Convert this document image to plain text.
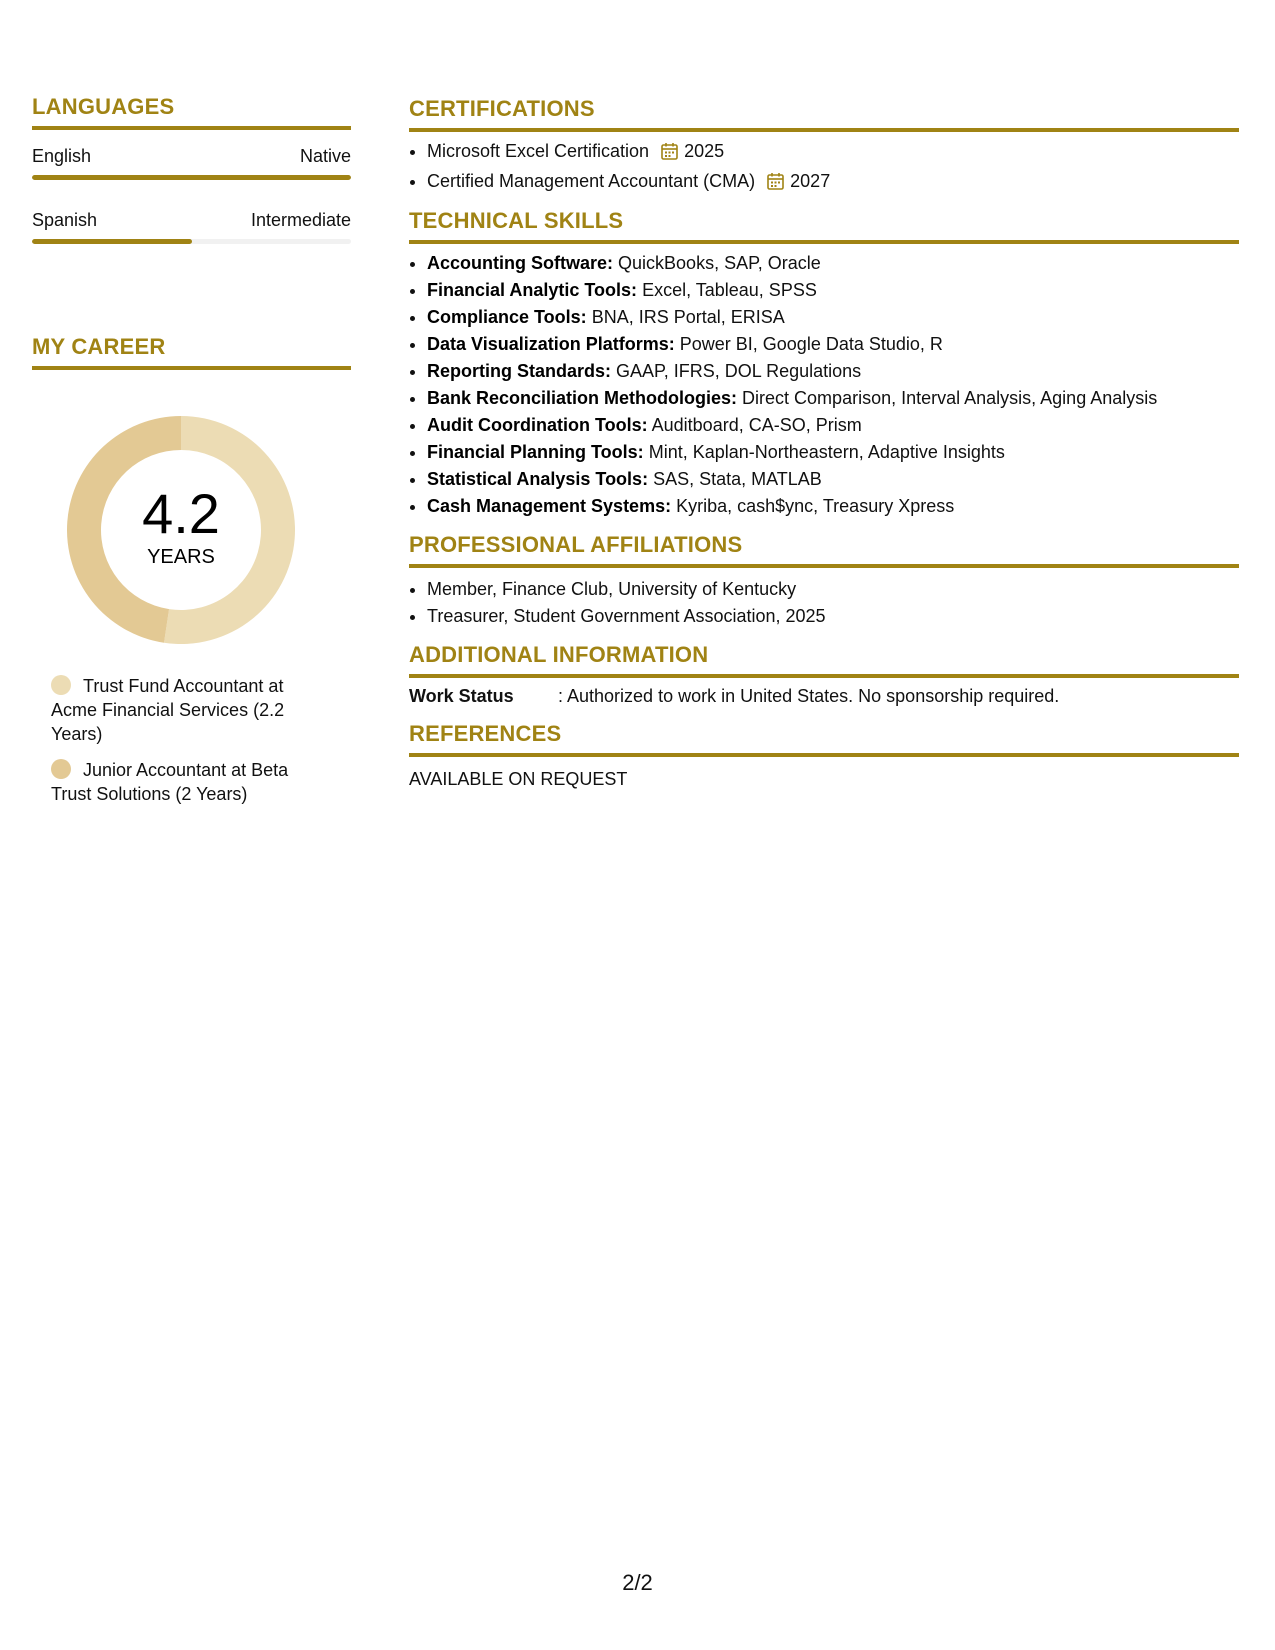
LANGUAGES
English	Native
Spanish	Intermediate
MY CAREER
4.2
YEARS
Trust Fund Accountant at Acme Financial Services (2.2 Years)
Junior Accountant at Beta Trust Solutions (2 Years)
CERTIFICATIONS
• Microsoft Excel Certification 2025
• Certified Management Accountant (CMA) 2027
TECHNICAL SKILLS
• Accounting Software: QuickBooks, SAP, Oracle
• Financial Analytic Tools: Excel, Tableau, SPSS
• Compliance Tools: BNA, IRS Portal, ERISA
• Data Visualization Platforms: Power BI, Google Data Studio, R
• Reporting Standards: GAAP, IFRS, DOL Regulations
• Bank Reconciliation Methodologies: Direct Comparison, Interval Analysis, Aging Analysis
• Audit Coordination Tools: Auditboard, CA-SO, Prism
• Financial Planning Tools: Mint, Kaplan-Northeastern, Adaptive Insights
• Statistical Analysis Tools: SAS, Stata, MATLAB
• Cash Management Systems: Kyriba, cash$ync, Treasury Xpress
PROFESSIONAL AFFILIATIONS
• Member, Finance Club, University of Kentucky
• Treasurer, Student Government Association, 2025
ADDITIONAL INFORMATION
Work Status	: Authorized to work in United States. No sponsorship required.
REFERENCES
AVAILABLE ON REQUEST
2/2
